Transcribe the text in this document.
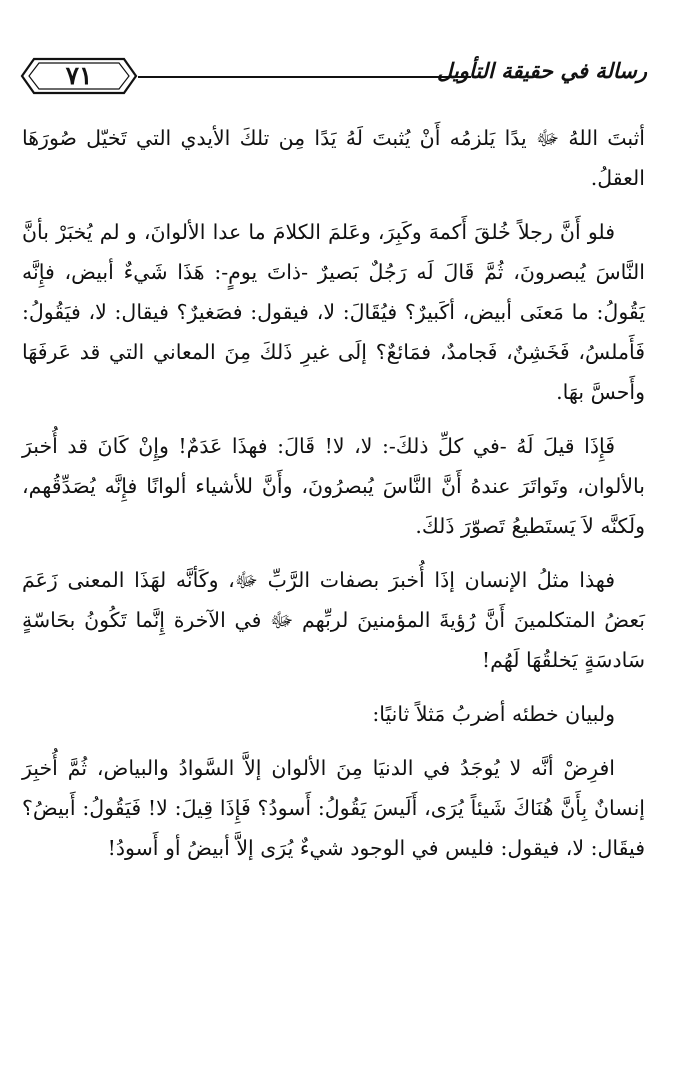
رسالة في حقيقة التأويل
٧١

أثبتَ اللهُ ﷻ يدًا يَلزمُه أَنْ يُثبتَ لَهُ يَدًا مِن تلكَ الأيدي التي تَخيّل صُورَهَا العقلُ.

فلو أَنَّ رجلاً خُلقَ أَكمهَ وكَبِرَ، وعَلمَ الكلامَ ما عدا الألوانَ، و لم يُخبَرْ بأنَّ النَّاسَ يُبصرونَ، ثُمَّ قَالَ لَه رَجُلٌ بَصيرٌ -ذاتَ يومٍ-: هَذَا شَيءٌ أبيض، فإِنَّه يَقُولُ: ما مَعنَى أبيض، أكَبيرٌ؟ فيُقَالَ: لا، فيقول: فصَغيرٌ؟ فيقال: لا، فيَقُولُ: فَأَملسُ، فَخَشِنٌ، فَجامدٌ، فمَائعٌ؟ إلَى غيرِ ذَلكَ مِنَ المعاني التي قد عَرفَهَا وأَحسَّ بهَا.

فَإِذَا قيلَ لَهُ -في كلِّ ذلكَ-: لا، لا! قَالَ: فهذَا عَدَمٌ! وإِنْ كَانَ قد أُخبرَ بالألوان، وتَواتَرَ عندهُ أَنَّ النَّاسَ يُبصرُونَ، وأَنَّ للأشياء ألوانًا فإِنَّه يُصَدِّقُهم، ولَكنَّه لاَ يَستَطيعُ تَصوّرَ ذَلكَ.

فهذا مثلُ الإنسان إذَا أُخبرَ بصفات الرَّبِّ ﷻ، وكَأنَّه لهَذَا المعنى زَعَمَ بَعضُ المتكلمينَ أَنَّ رُؤيةَ المؤمنينَ لربِّهم ﷻ في الآخرة إِنَّما تَكُونُ بحَاسّةٍ سَادسَةٍ يَخلقُهَا لَهُم!

ولبيان خطئه أضربُ مَثلاً ثانيًا:

افرِضْ أنَّه لا يُوجَدُ في الدنيَا مِنَ الألوان إلاَّ السَّوادُ والبياض، ثُمَّ أُخبِرَ إنسانٌ بِأَنَّ هُنَاكَ شَيئاً يُرَى، أَلَيسَ يَقُولُ: أَسودُ؟ فَإِذَا قِيلَ: لا! فَيَقُولُ: أَبيضُ؟ فيقَال: لا، فيقول: فليس في الوجود شيءٌ يُرَى إلاَّ أبيضُ أو أَسودُ!
